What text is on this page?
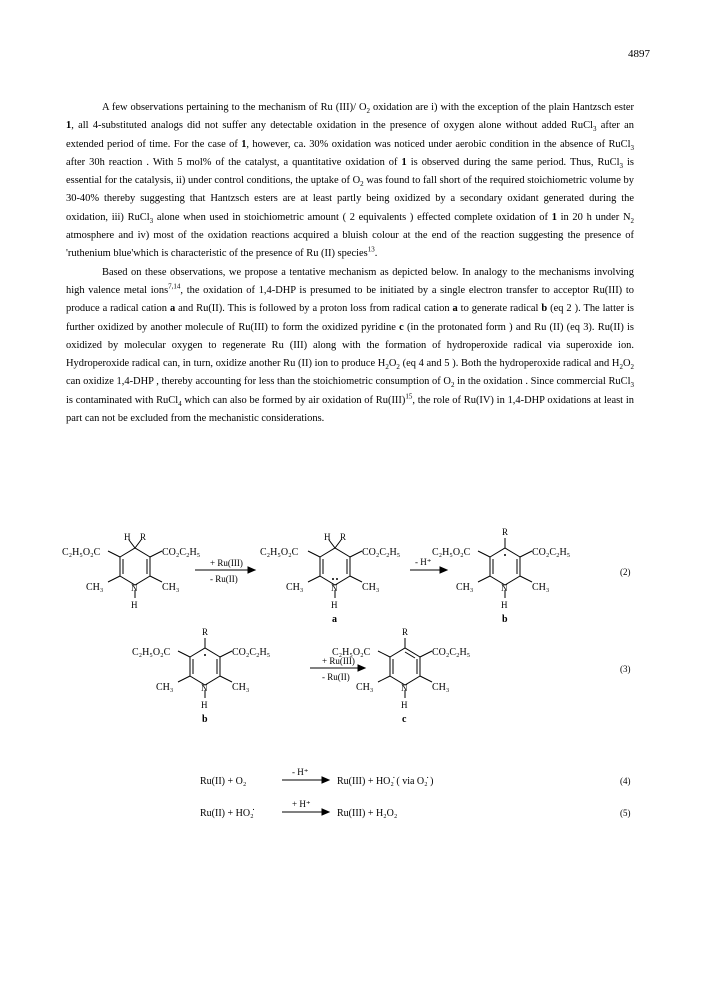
4897

A few observations pertaining to the mechanism of Ru (III)/ $O_2$ oxidation are i) with the exception of the plain Hantzsch ester 1, all 4-substituted analogs did not suffer any detectable oxidation in the presence of oxygen alone without added RuCl$_3$ after an extended period of time. For the case of 1, however, ca. 30% oxidation was noticed under aerobic condition in the absence of RuCl$_3$ after 30h reaction . With 5 mol% of the catalyst, a quantitative oxidation of 1 is observed during the same period. Thus, RuCl$_3$ is essential for the catalysis, ii) under control conditions, the uptake of $O_2$ was found to fall short of the required stoichiometric volume by 30-40% thereby suggesting that Hantzsch esters are at least partly being oxidized by a secondary oxidant generated during the oxidation, iii) RuCl$_3$ alone when used in stoichiometric amount ( 2 equivalents ) effected complete oxidation of 1 in 20 h under $N_2$ atmosphere and iv) most of the oxidation reactions acquired a bluish colour at the end of the reaction suggesting the presence of 'ruthenium blue'which is characteristic of the presence of Ru (II) species$^{13}$.

Based on these observations, we propose a tentative mechanism as depicted below. In analogy to the mechanisms involving high valence metal ions$^{7,14}$, the oxidation of 1,4-DHP is presumed to be initiated by a single electron transfer to acceptor Ru(III) to produce a radical cation a and Ru(II). This is followed by a proton loss from radical cation a to generate radical b (eq 2 ). The latter is further oxidized by another molecule of Ru(III) to form the oxidized pyridine c (in the protonated form ) and Ru (II) (eq 3). Ru(II) is oxidized by molecular oxygen to regenerate Ru (III) along with the formation of hydroperoxide radical via superoxide ion. Hydroperoxide radical can, in turn, oxidize another Ru (II) ion to produce $H_2O_2$ (eq 4 and 5 ). Both the hydroperoxide radical and $H_2O_2$ can oxidize 1,4-DHP , thereby accounting for less than the stoichiometric consumption of $O_2$ in the oxidation . Since commercial RuCl$_3$ is contaminated with RuCl$_4$ which can also be formed by air oxidation of Ru(III)$^{15}$, the role of Ru(IV) in 1,4-DHP oxidations at least in part can not be excluded from the mechanistic considerations.

H R
C₂H₅O₂C	CO₂C₂H₅
CH₃	CH₃
N
H
+ Ru(III)
- Ru(II)
H R
C₂H₅O₂C	CO₂C₂H₅
CH₃	CH₃
N
H
a
- H⁺
R
C₂H₅O₂C	CO₂C₂H₅
CH₃	CH₃
N
H
b
(2)
R
C₂H₅O₂C	CO₂C₂H₅
CH₃	CH₃
N
H
b
+ Ru(III)
- Ru(II)
R
C₂H₅O₂C	CO₂C₂H₅
CH₃	CH₃
N
H
c
(3)
Ru(II) + O₂
- H⁺
Ru(III) + HO₂̇ ( via O₂̇ )	(4)
Ru(II) + HO₂̇
+ H⁺
Ru(III) + H₂O₂	(5)
